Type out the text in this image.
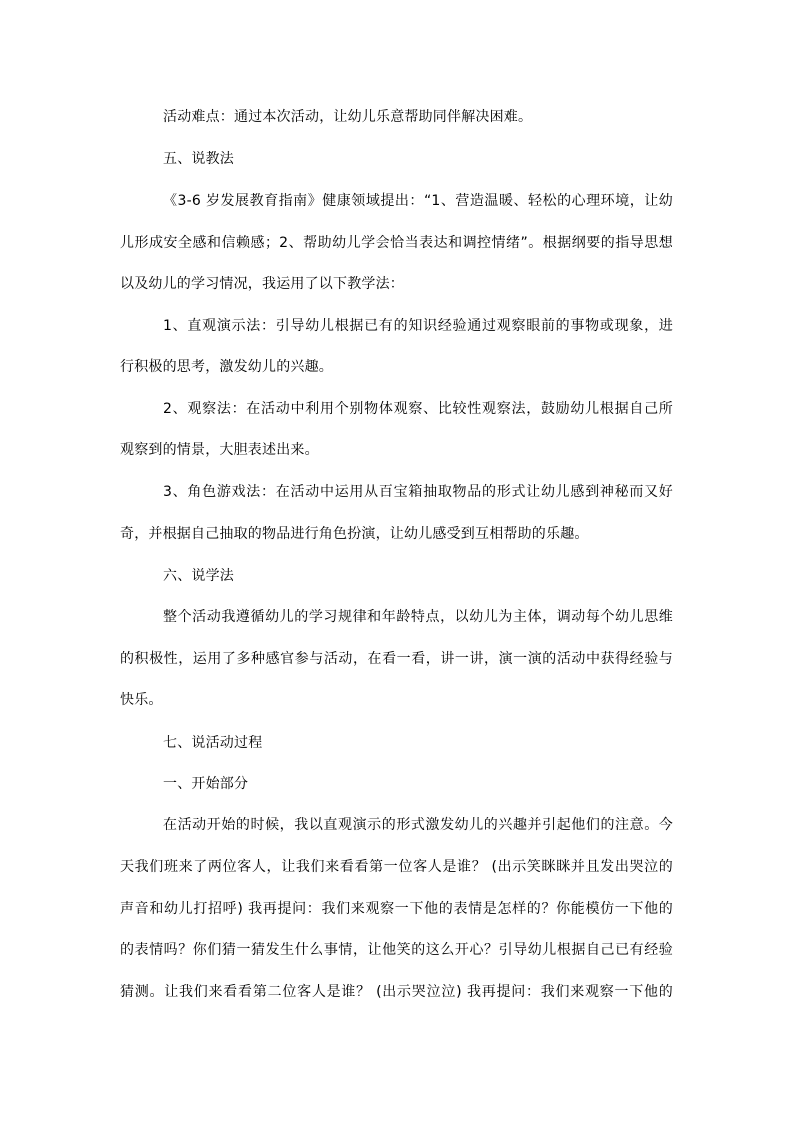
活动难点：通过本次活动，让幼儿乐意帮助同伴解决困难。
五、说教法
《3-6 岁发展教育指南》健康领域提出：“1、营造温暖、轻松的心理环境，让幼
儿形成安全感和信赖感；2、帮助幼儿学会恰当表达和调控情绪”。根据纲要的指导思想
以及幼儿的学习情况，我运用了以下教学法：
1、直观演示法：引导幼儿根据已有的知识经验通过观察眼前的事物或现象，进
行积极的思考，激发幼儿的兴趣。
2、观察法：在活动中利用个别物体观察、比较性观察法，鼓励幼儿根据自己所
观察到的情景，大胆表述出来。
3、角色游戏法：在活动中运用从百宝箱抽取物品的形式让幼儿感到神秘而又好
奇，并根据自己抽取的物品进行角色扮演，让幼儿感受到互相帮助的乐趣。
六、说学法
整个活动我遵循幼儿的学习规律和年龄特点，以幼儿为主体，调动每个幼儿思维
的积极性，运用了多种感官参与活动，在看一看，讲一讲，演一演的活动中获得经验与
快乐。
七、说活动过程
一、开始部分
在活动开始的时候，我以直观演示的形式激发幼儿的兴趣并引起他们的注意。今
天我们班来了两位客人，让我们来看看第一位客人是谁？ (出示笑眯眯并且发出哭泣的
声音和幼儿打招呼) 我再提问：我们来观察一下他的表情是怎样的？你能模仿一下他的
的表情吗？你们猜一猜发生什么事情，让他笑的这么开心？引导幼儿根据自己已有经验
猜测。让我们来看看第二位客人是谁？ (出示哭泣泣) 我再提问：我们来观察一下他的
